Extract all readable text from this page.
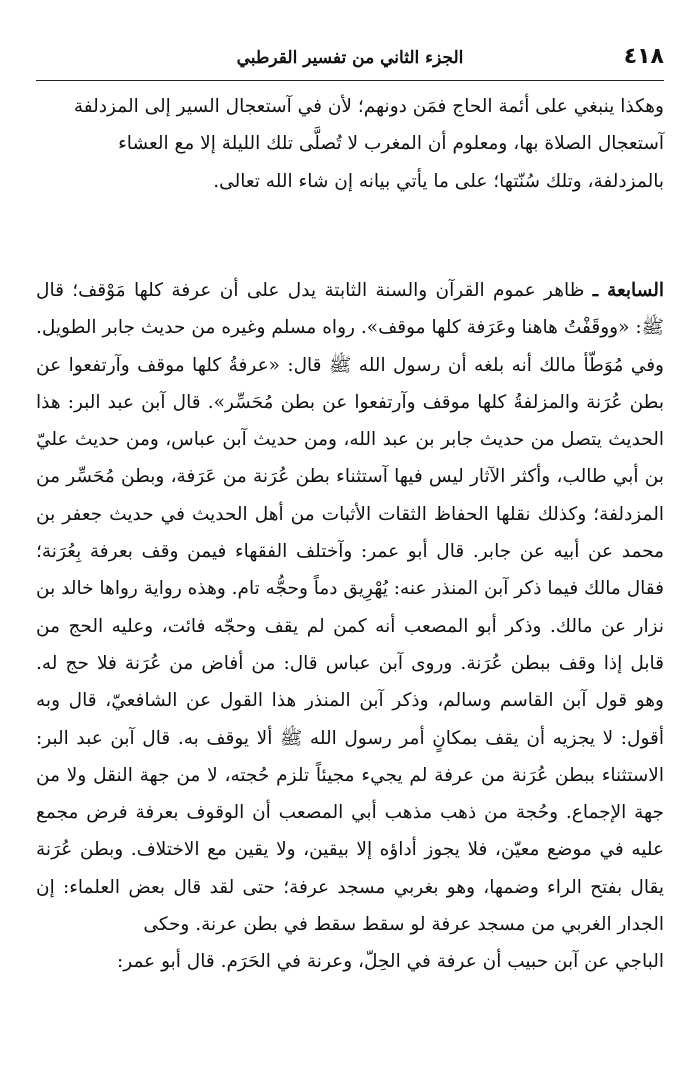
٤١٨
الجزء الثاني من تفسير القرطبي

وهكذا ينبغي على أئمة الحاج فمَن دونهم؛ لأن في آستعجال السير إلى المزدلفة آستعجال الصلاة بها، ومعلوم أن المغرب لا تُصلَّى تلك الليلة إلا مع العشاء بالمزدلفة، وتلك سُنّتها؛ على ما يأتي بيانه إن شاء الله تعالى.

السابعة ـ ظاهر عموم القرآن والسنة الثابتة يدل على أن عرفة كلها مَوْقف؛ قال ﷺ: «ووقَفْتُ هاهنا وعَرَفة كلها موقف». رواه مسلم وغيره من حديث جابر الطويل. وفي مُوَطّأ مالك أنه بلغه أن رسول الله ﷺ قال: «عرفةُ كلها موقف وآرتفعوا عن بطن عُرَنة والمزلفةُ كلها موقف وآرتفعوا عن بطن مُحَسِّر». قال آبن عبد البر: هذا الحديث يتصل من حديث جابر بن عبد الله، ومن حديث آبن عباس، ومن حديث عليّ بن أبي طالب، وأكثر الآثار ليس فيها آستثناء بطن عُرَنة من عَرَفة، وبطن مُحَسِّر من المزدلفة؛ وكذلك نقلها الحفاظ الثقات الأثبات من أهل الحديث في حديث جعفر بن محمد عن أبيه عن جابر. قال أبو عمر: وآختلف الفقهاء فيمن وقف بعرفة بِعُرَنة؛ فقال مالك فيما ذكر آبن المنذر عنه: يُهْرِيق دماً وحجُّه تام. وهذه رواية رواها خالد بن نزار عن مالك. وذكر أبو المصعب أنه كمن لم يقف وحجّه فائت، وعليه الحج من قابل إذا وقف ببطن عُرَنة. وروى آبن عباس قال: من أفاض من عُرَنة فلا حج له. وهو قول آبن القاسم وسالم، وذكر آبن المنذر هذا القول عن الشافعيّ، قال وبه أقول: لا يجزيه أن يقف بمكانٍ أمر رسول الله ﷺ ألا يوقف به. قال آبن عبد البر: الاستثناء ببطن عُرَنة من عرفة لم يجيء مجيئاً تلزم حُجته، لا من جهة النقل ولا من جهة الإجماع. وحُجة من ذهب مذهب أبي المصعب أن الوقوف بعرفة فرض مجمع عليه في موضع معيّن، فلا يجوز أداؤه إلا بيقين، ولا يقين مع الاختلاف. وبطن عُرَنة يقال بفتح الراء وضمها، وهو بغربي مسجد عرفة؛ حتى لقد قال بعض العلماء: إن الجدار الغربي من مسجد عرفة لو سقط سقط في بطن عرنة. وحكى

الباجي عن آبن حبيب أن عرفة في الحِلّ، وعرنة في الحَرَم. قال أبو عمر:
